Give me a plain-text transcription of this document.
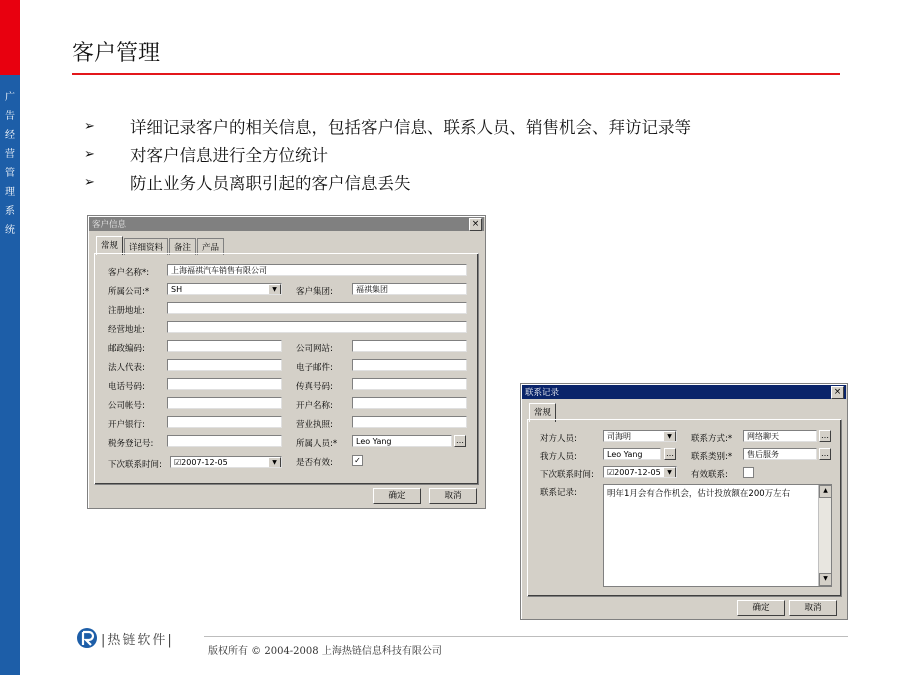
广
告
经
营
管
理
系
统
客户管理
➢	详细记录客户的相关信息，包括客户信息、联系人员、销售机会、拜访记录等
➢	对客户信息进行全方位统计
➢	防止业务人员离职引起的客户信息丢失
客户信息	×
常规	详细资料	备注	产品
客户名称*:	上海福祺汽车销售有限公司
所属公司:*	SH	▼	客户集团:	福祺集团
注册地址:
经营地址:
邮政编码:	公司网站:
法人代表:	电子邮件:
电话号码:	传真号码:
公司帐号:	开户名称:
开户银行:	营业执照:
税务登记号:	所属人员:*	Leo Yang	…
下次联系时间:	☑2007-12-05	▼	是否有效:	✓
确定	取消
联系记录	×
常规
对方人员:	司海明	▼	联系方式:*	网络聊天	…
我方人员:	Leo Yang	… 联系类别:*	售后服务	…
下次联系时间:	☑2007-12-05	▼	有效联系:
联系记录:	明年1月会有合作机会，估计投放额在200万左右	▲
▼
确定	取消
|热链软件|
版权所有 © 2004-2008 上海热链信息科技有限公司
